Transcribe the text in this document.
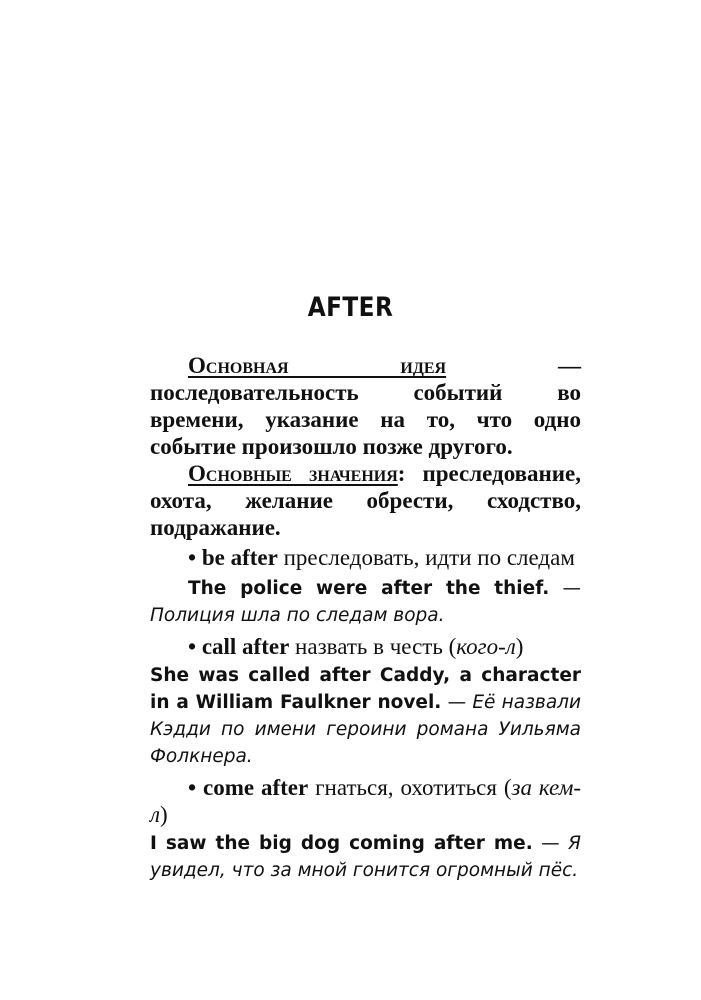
AFTER

Основная идея — последовательность событий во времени, указание на то, что одно событие произошло позже другого.

Основные значения: преследование, охота, желание обрести, сходство, подражание.

• be after преследовать, идти по следам

The police were after the thief. — Полиция шла по следам вора.

• call after назвать в честь (кого-л)

She was called after Caddy, a character in a William Faulkner novel. — Её назвали Кэдди по имени героини романа Уильяма Фолкнера.

• come after гнаться, охотиться (за кем-л)

I saw the big dog coming after me. — Я увидел, что за мной гонится огромный пёс.
